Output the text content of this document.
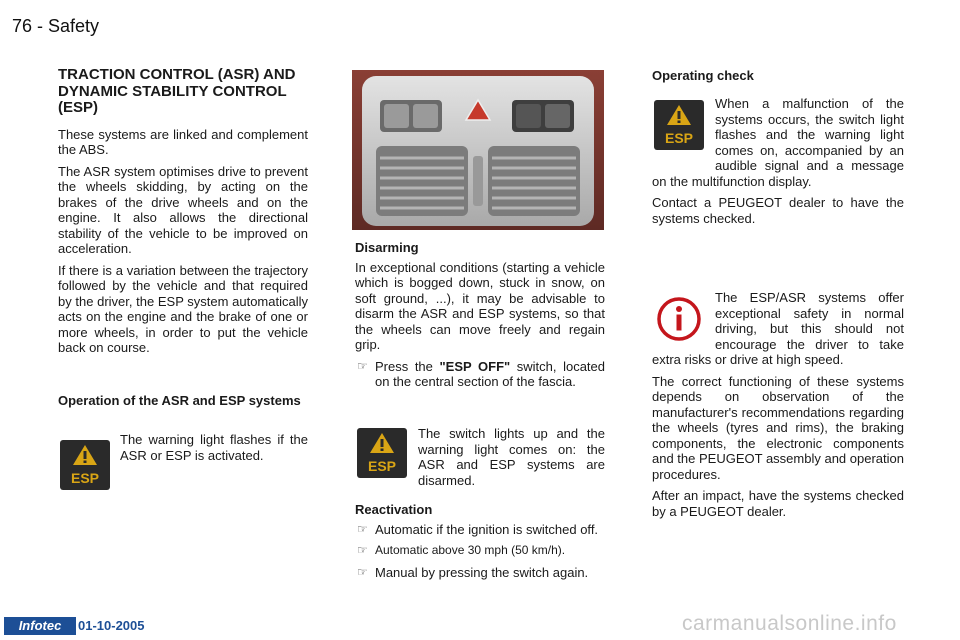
76 - Safety
TRACTION CONTROL (ASR) AND DYNAMIC STABILITY CONTROL (ESP)

These systems are linked and complement the ABS.

The ASR system optimises drive to prevent the wheels skidding, by acting on the brakes of the drive wheels and on the engine. It also allows the directional stability of the vehicle to be improved on acceleration.

If there is a variation between the trajectory followed by the vehicle and that required by the driver, the ESP system automatically acts on the engine and the brake of one or more wheels, in order to put the vehicle back on course.

Operation of the ASR and ESP systems
ESP
The warning light flashes if the ASR or ESP is activated.
Disarming

In exceptional conditions (starting a vehicle which is bogged down, stuck in snow, on soft ground, ...), it may be advisable to disarm the ASR and ESP systems, so that the wheels can move freely and regain grip.

☞ Press the "ESP OFF" switch, located on the central section of the fascia.
ESP
The switch lights up and the warning light comes on: the ASR and ESP systems are disarmed.
Reactivation
☞ Automatic if the ignition is switched off.
☞ Automatic above 30 mph (50 km/h).
☞ Manual by pressing the switch again.
Operating check
ESP

When a malfunction of the systems occurs, the switch light flashes and the warning light comes on, accompanied by an audible signal and a message on the multifunction display.

Contact a PEUGEOT dealer to have the systems checked.

The ESP/ASR systems offer exceptional safety in normal driving, but this should not encourage the driver to take extra risks or drive at high speed.

The correct functioning of these systems depends on observation of the manufacturer's recommendations regarding the wheels (tyres and rims), the braking components, the electronic components and the PEUGEOT assembly and operation procedures.

After an impact, have the systems checked by a PEUGEOT dealer.

Infotec	01-10-2005	carmanualsonline.info
